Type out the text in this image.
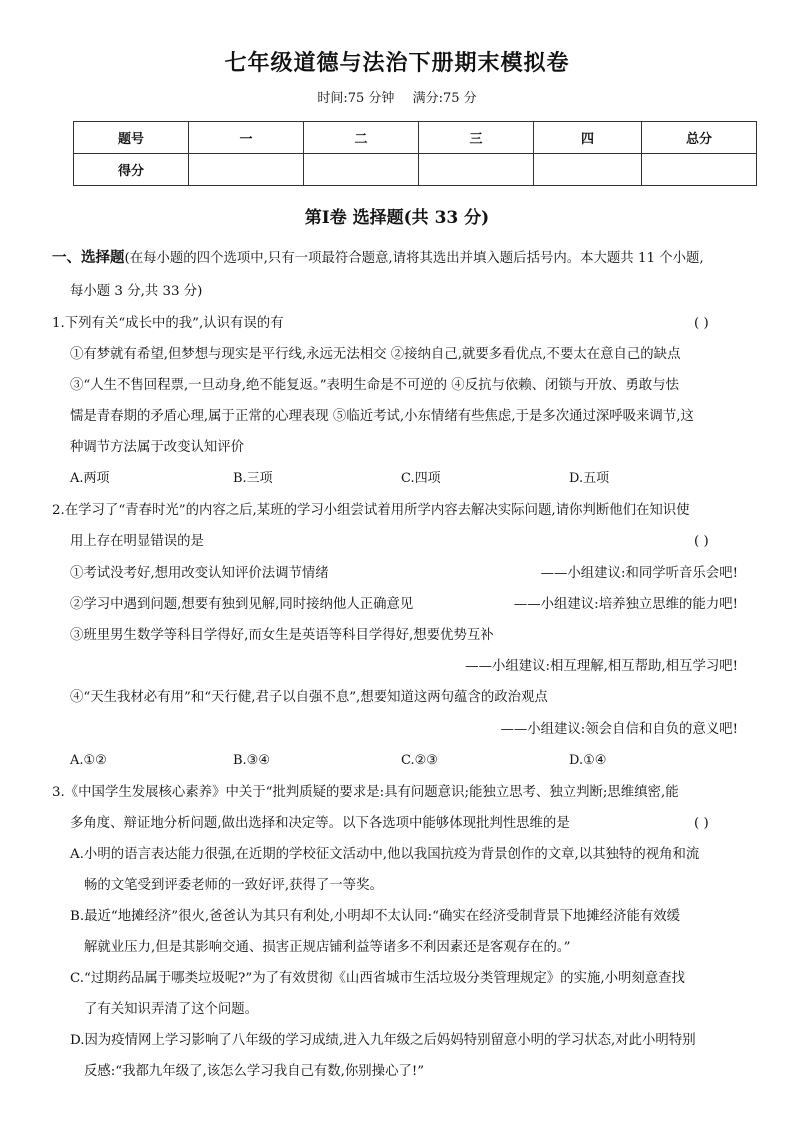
七年级道德与法治下册期末模拟卷
时间:75 分钟 满分:75 分
题号	一	二	三	四	总分
得分					
第Ⅰ卷 选择题(共 33 分)
一、选择题(在每小题的四个选项中,只有一项最符合题意,请将其选出并填入题后括号内。本大题共 11 个小题,
每小题 3 分,共 33 分)
1.下列有关“成长中的我”,认识有误的有	( )
①有梦就有希望,但梦想与现实是平行线,永远无法相交 ②接纳自己,就要多看优点,不要太在意自己的缺点
③“人生不售回程票,一旦动身,绝不能复返。”表明生命是不可逆的 ④反抗与依赖、闭锁与开放、勇敢与怯
懦是青春期的矛盾心理,属于正常的心理表现 ⑤临近考试,小东情绪有些焦虑,于是多次通过深呼吸来调节,这
种调节方法属于改变认知评价
A.两项	B.三项	C.四项	D.五项
2.在学习了“青春时光”的内容之后,某班的学习小组尝试着用所学内容去解决实际问题,请你判断他们在知识使
用上存在明显错误的是	( )
①考试没考好,想用改变认知评价法调节情绪	——小组建议:和同学听音乐会吧!
②学习中遇到问题,想要有独到见解,同时接纳他人正确意见	——小组建议:培养独立思维的能力吧!
③班里男生数学等科目学得好,而女生是英语等科目学得好,想要优势互补
——小组建议:相互理解,相互帮助,相互学习吧!
④“天生我材必有用”和“天行健,君子以自强不息”,想要知道这两句蕴含的政治观点
——小组建议:领会自信和自负的意义吧!
A.①②	B.③④	C.②③	D.①④
3.《中国学生发展核心素养》中关于“批判质疑的要求是:具有问题意识;能独立思考、独立判断;思维缜密,能
多角度、辩证地分析问题,做出选择和决定等。以下各选项中能够体现批判性思维的是	( )
A.小明的语言表达能力很强,在近期的学校征文活动中,他以我国抗疫为背景创作的文章,以其独特的视角和流
畅的文笔受到评委老师的一致好评,获得了一等奖。
B.最近“地摊经济”很火,爸爸认为其只有利处,小明却不太认同:“确实在经济受制背景下地摊经济能有效缓
解就业压力,但是其影响交通、损害正规店铺利益等诸多不利因素还是客观存在的。”
C.“过期药品属于哪类垃圾呢?”为了有效贯彻《山西省城市生活垃圾分类管理规定》的实施,小明刻意查找
了有关知识弄清了这个问题。
D.因为疫情网上学习影响了八年级的学习成绩,进入九年级之后妈妈特别留意小明的学习状态,对此小明特别
反感:“我都九年级了,该怎么学习我自己有数,你别操心了!”
